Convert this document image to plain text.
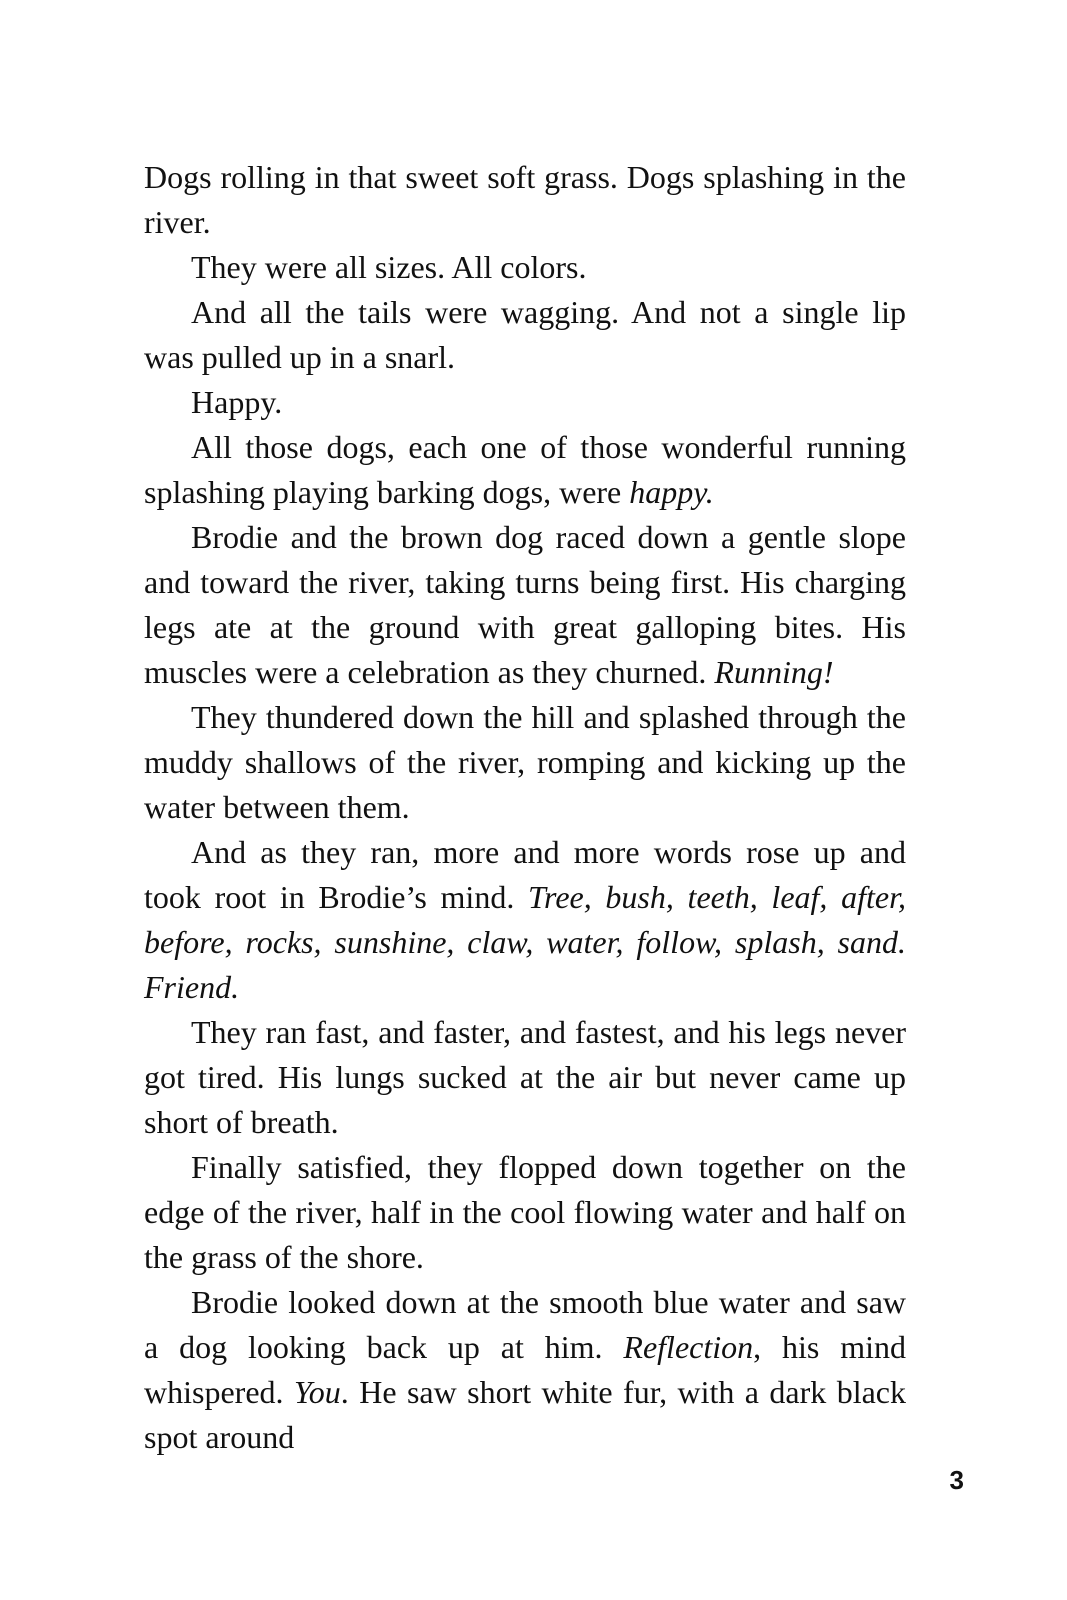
Dogs rolling in that sweet soft grass. Dogs splashing in the river.

They were all sizes. All colors.

And all the tails were wagging. And not a single lip was pulled up in a snarl.

Happy.

All those dogs, each one of those wonderful running splashing playing barking dogs, were happy.

Brodie and the brown dog raced down a gentle slope and toward the river, taking turns being first. His charging legs ate at the ground with great galloping bites. His muscles were a celebration as they churned. Running!

They thundered down the hill and splashed through the muddy shallows of the river, romping and kicking up the water between them.

And as they ran, more and more words rose up and took root in Brodie’s mind. Tree, bush, teeth, leaf, after, before, rocks, sunshine, claw, water, follow, splash, sand. Friend.

They ran fast, and faster, and fastest, and his legs never got tired. His lungs sucked at the air but never came up short of breath.

Finally satisfied, they flopped down together on the edge of the river, half in the cool flowing water and half on the grass of the shore.

Brodie looked down at the smooth blue water and saw a dog looking back up at him. Reflection, his mind whispered. You. He saw short white fur, with a dark black spot around

3
